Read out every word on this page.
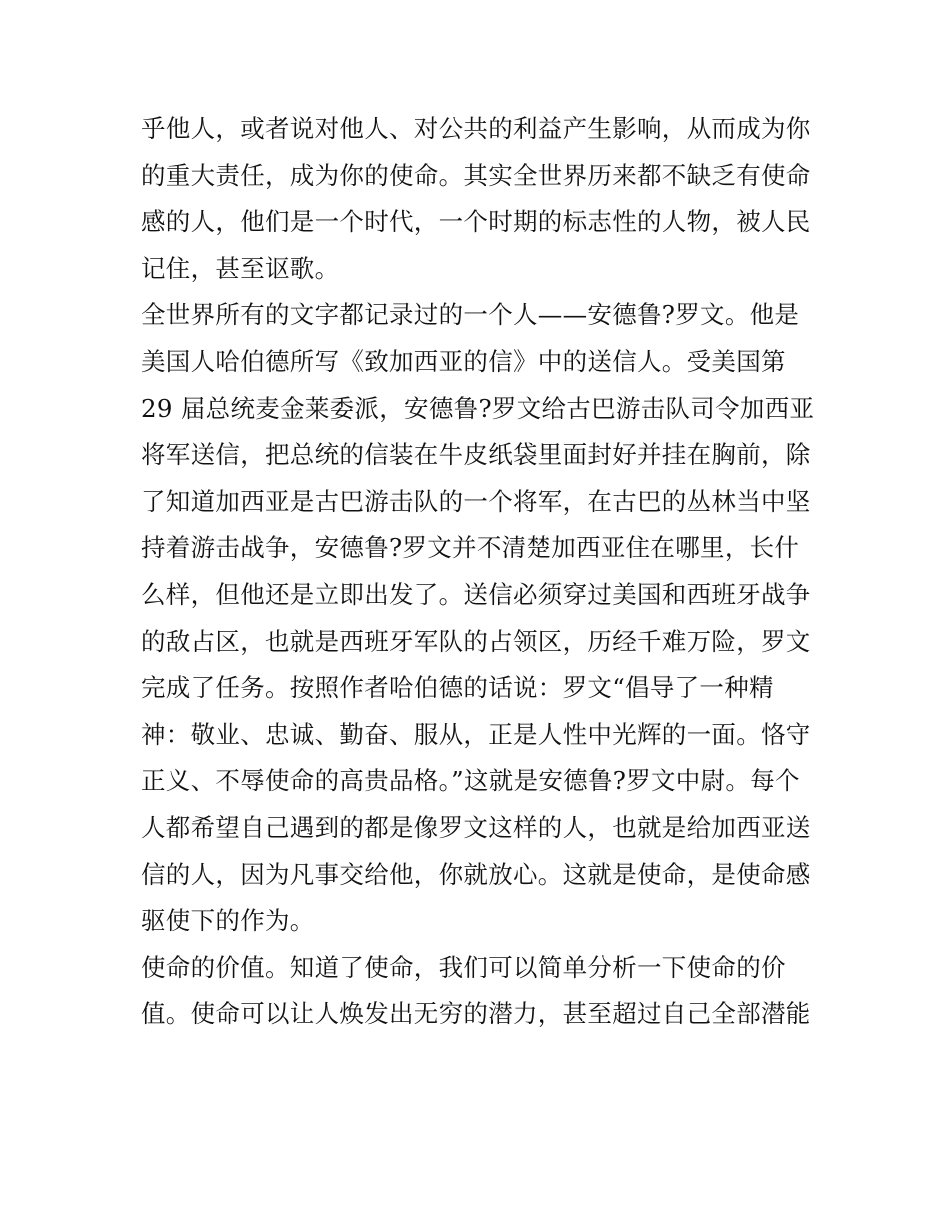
乎他人，或者说对他人、对公共的利益产生影响，从而成为你
的重大责任，成为你的使命。其实全世界历来都不缺乏有使命
感的人，他们是一个时代，一个时期的标志性的人物，被人民
记住，甚至讴歌。
全世界所有的文字都记录过的一个人——安德鲁?罗文。他是
美国人哈伯德所写《致加西亚的信》中的送信人。受美国第
29 届总统麦金莱委派，安德鲁?罗文给古巴游击队司令加西亚
将军送信，把总统的信装在牛皮纸袋里面封好并挂在胸前，除
了知道加西亚是古巴游击队的一个将军，在古巴的丛林当中坚
持着游击战争，安德鲁?罗文并不清楚加西亚住在哪里，长什
么样，但他还是立即出发了。送信必须穿过美国和西班牙战争
的敌占区，也就是西班牙军队的占领区，历经千难万险，罗文
完成了任务。按照作者哈伯德的话说：罗文“倡导了一种精
神：敬业、忠诚、勤奋、服从，正是人性中光辉的一面。恪守
正义、不辱使命的高贵品格。”这就是安德鲁?罗文中尉。每个
人都希望自己遇到的都是像罗文这样的人，也就是给加西亚送
信的人，因为凡事交给他，你就放心。这就是使命，是使命感
驱使下的作为。
使命的价值。知道了使命，我们可以简单分析一下使命的价
值。使命可以让人焕发出无穷的潜力，甚至超过自己全部潜能
